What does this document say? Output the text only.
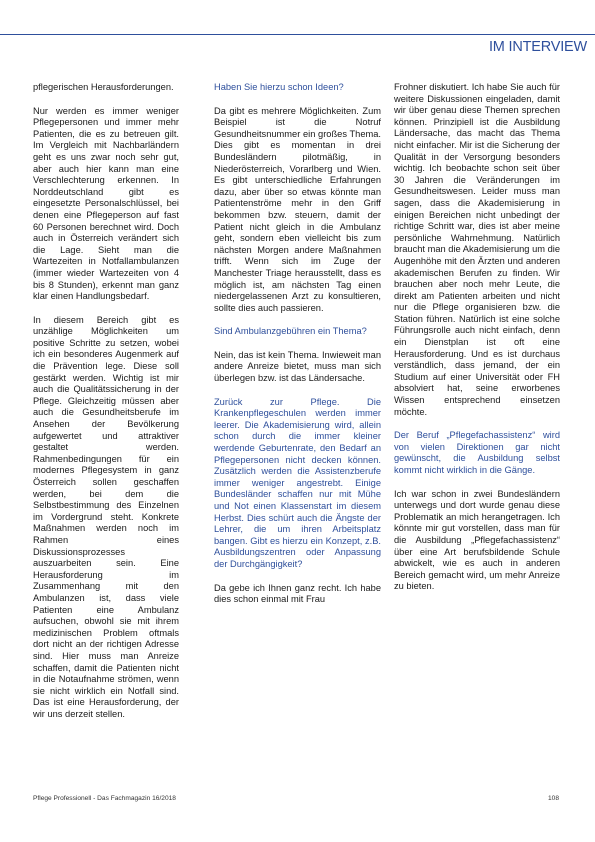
IM INTERVIEW

pflegerischen Herausforderungen.

Nur werden es immer weniger Pflegepersonen und immer mehr Patienten, die es zu betreuen gilt. Im Vergleich mit Nachbarländern geht es uns zwar noch sehr gut, aber auch hier kann man eine Verschlechterung erkennen. In Norddeutschland gibt es eingesetzte Personalschlüssel, bei denen eine Pflegeperson auf fast 60 Personen berechnet wird. Doch auch in Österreich verändert sich die Lage. Sieht man die Wartezeiten in Notfallambulanzen (immer wieder Wartezeiten von 4 bis 8 Stunden), erkennt man ganz klar einen Handlungsbedarf.

In diesem Bereich gibt es unzählige Möglichkeiten um positive Schritte zu setzen, wobei ich ein besonderes Augenmerk auf die Prävention lege. Diese soll gestärkt werden. Wichtig ist mir auch die Qualitätssicherung in der Pflege. Gleichzeitig müssen aber auch die Gesundheitsberufe im Ansehen der Bevölkerung aufgewertet und attraktiver gestaltet werden. Rahmenbedingungen für ein modernes Pflegesystem in ganz Österreich sollen geschaffen werden, bei dem die Selbstbestimmung des Einzelnen im Vordergrund steht. Konkrete Maßnahmen werden noch im Rahmen eines Diskussionsprozesses auszuarbeiten sein. Eine Herausforderung im Zusammenhang mit den Ambulanzen ist, dass viele Patienten eine Ambulanz aufsuchen, obwohl sie mit ihrem medizinischen Problem oftmals dort nicht an der richtigen Adresse sind. Hier muss man Anreize schaffen, damit die Patienten nicht in die Notaufnahme strömen, wenn sie nicht wirklich ein Notfall sind. Das ist eine Herausforderung, der wir uns derzeit stellen.

Haben Sie hierzu schon Ideen?

Da gibt es mehrere Möglichkeiten. Zum Beispiel ist die Notruf Gesundheitsnummer ein großes Thema. Dies gibt es momentan in drei Bundesländern pilotmäßig, in Niederösterreich, Vorarlberg und Wien. Es gibt unterschiedliche Erfahrungen dazu, aber über so etwas könnte man Patientenströme mehr in den Griff bekommen bzw. steuern, damit der Patient nicht gleich in die Ambulanz geht, sondern eben vielleicht bis zum nächsten Morgen andere Maßnahmen trifft. Wenn sich im Zuge der Manchester Triage herausstellt, dass es möglich ist, am nächsten Tag einen niedergelassenen Arzt zu konsultieren, sollte dies auch passieren.

Sind Ambulanzgebühren ein Thema?

Nein, das ist kein Thema. Inwieweit man andere Anreize bietet, muss man sich überlegen bzw. ist das Ländersache.

Zurück zur Pflege. Die Krankenpflegeschulen werden immer leerer. Die Akademisierung wird, allein schon durch die immer kleiner werdende Geburtenrate, den Bedarf an Pflegepersonen nicht decken können. Zusätzlich werden die Assistenzberufe immer weniger angestrebt. Einige Bundesländer schaffen nur mit Mühe und Not einen Klassenstart im diesem Herbst. Dies schürt auch die Ängste der Lehrer, die um ihren Arbeitsplatz bangen. Gibt es hierzu ein Konzept, z.B. Ausbildungszentren oder Anpassung der Durchgängigkeit?

Da gebe ich Ihnen ganz recht. Ich habe dies schon einmal mit Frau

Frohner diskutiert. Ich habe Sie auch für weitere Diskussionen eingeladen, damit wir über genau diese Themen sprechen können. Prinzipiell ist die Ausbildung Ländersache, das macht das Thema nicht einfacher. Mir ist die Sicherung der Qualität in der Versorgung besonders wichtig. Ich beobachte schon seit über 30 Jahren die Veränderungen im Gesundheitswesen. Leider muss man sagen, dass die Akademisierung in einigen Bereichen nicht unbedingt der richtige Schritt war, dies ist aber meine persönliche Wahrnehmung. Natürlich braucht man die Akademisierung um die Augenhöhe mit den Ärzten und anderen akademischen Berufen zu finden. Wir brauchen aber noch mehr Leute, die direkt am Patienten arbeiten und nicht nur die Pflege organisieren bzw. die Station führen. Natürlich ist eine solche Führungsrolle auch nicht einfach, denn ein Dienstplan ist oft eine Herausforderung. Und es ist durchaus verständlich, dass jemand, der ein Studium auf einer Universität oder FH absolviert hat, seine erworbenes Wissen entsprechend einsetzen möchte.

Der Beruf „Pflegefachassistenz“ wird von vielen Direktionen gar nicht gewünscht, die Ausbildung selbst kommt nicht wirklich in die Gänge.

Ich war schon in zwei Bundesländern unterwegs und dort wurde genau diese Problematik an mich herangetragen. Ich könnte mir gut vorstellen, dass man für die Ausbildung „Pflegefachassistenz“ über eine Art berufsbildende Schule abwickelt, wie es auch in anderen Bereich gemacht wird, um mehr Anreize zu bieten.

Pflege Professionell - Das Fachmagazin 16/2018	108
